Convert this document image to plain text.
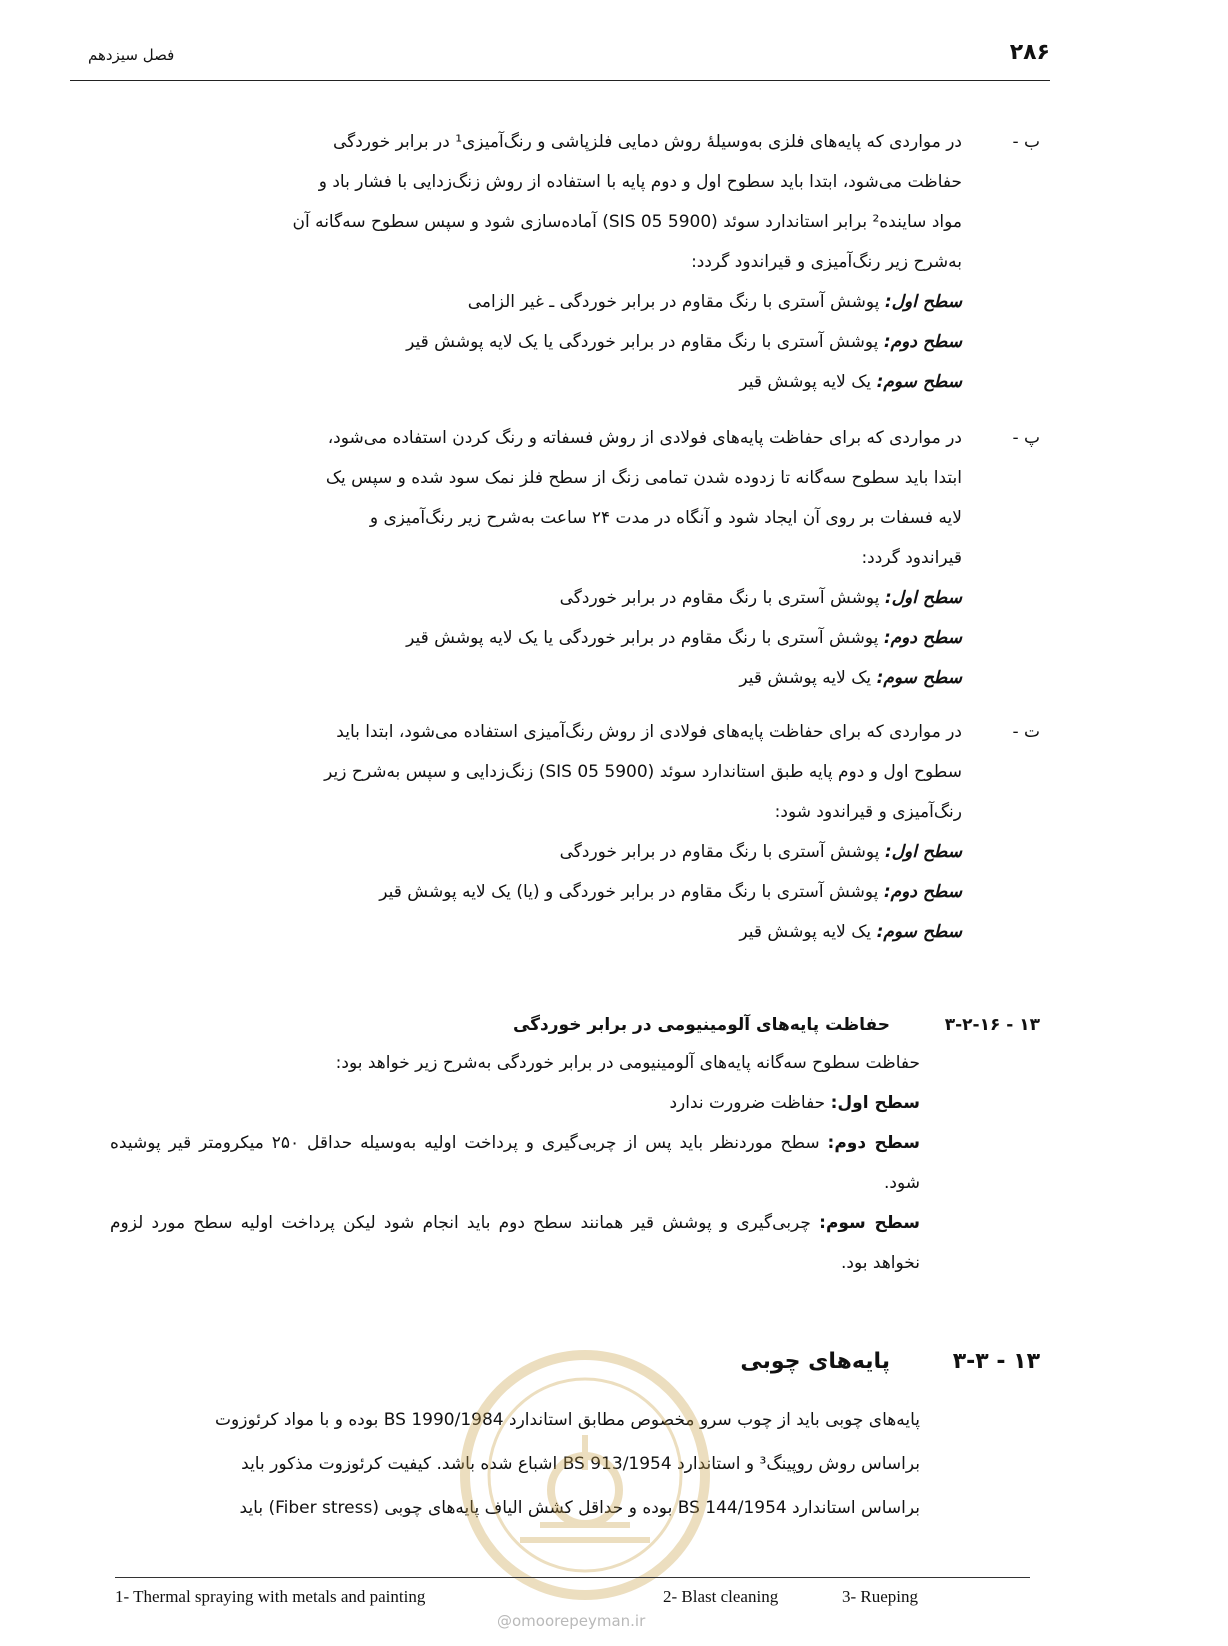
۲۸۶
فصل سیزدهم
ب -
در مواردی که پایه‌های فلزی به‌وسیلهٔ روش دمایی فلزپاشی و رنگ‌آمیزی¹ در برابر خوردگی
حفاظت می‌شود، ابتدا باید سطوح اول و دوم پایه با استفاده از روش زنگ‌زدایی با فشار باد و
مواد ساینده² برابر استاندارد سوئد (SIS 05 5900) آماده‌سازی شود و سپس سطوح سه‌گانه آن
به‌شرح زیر رنگ‌آمیزی و قیراندود گردد:
سطح اول: پوشش آستری با رنگ مقاوم در برابر خوردگی ـ غیر الزامی
سطح دوم: پوشش آستری با رنگ مقاوم در برابر خوردگی یا یک لایه پوشش قیر
سطح سوم: یک لایه پوشش قیر
پ -
در مواردی که برای حفاظت پایه‌های فولادی از روش فسفاته و رنگ کردن استفاده می‌شود،
ابتدا باید سطوح سه‌گانه تا زدوده شدن تمامی زنگ از سطح فلز نمک سود شده و سپس یک
لایه فسفات بر روی آن ایجاد شود و آنگاه در مدت ۲۴ ساعت به‌شرح زیر رنگ‌آمیزی و
قیراندود گردد:
سطح اول: پوشش آستری با رنگ مقاوم در برابر خوردگی
سطح دوم: پوشش آستری با رنگ مقاوم در برابر خوردگی یا یک لایه پوشش قیر
سطح سوم: یک لایه پوشش قیر
ت -
در مواردی که برای حفاظت پایه‌های فولادی از روش رنگ‌آمیزی استفاده می‌شود، ابتدا باید
سطوح اول و دوم پایه طبق استاندارد سوئد (SIS 05 5900) زنگ‌زدایی و سپس به‌شرح زیر
رنگ‌آمیزی و قیراندود شود:
سطح اول: پوشش آستری با رنگ مقاوم در برابر خوردگی
سطح دوم: پوشش آستری با رنگ مقاوم در برابر خوردگی و (یا) یک لایه پوشش قیر
سطح سوم: یک لایه پوشش قیر
۱۳ - ۳-۲-۱۶
حفاظت پایه‌های آلومینیومی در برابر خوردگی
حفاظت سطوح سه‌گانه پایه‌های آلومینیومی در برابر خوردگی به‌شرح زیر خواهد بود:
سطح اول: حفاظت ضرورت ندارد
سطح دوم: سطح موردنظر باید پس از چربی‌گیری و پرداخت اولیه به‌وسیله حداقل ۲۵۰ میکرومتر قیر پوشیده شود.
سطح سوم: چربی‌گیری و پوشش قیر همانند سطح دوم باید انجام شود لیکن پرداخت اولیه سطح مورد لزوم نخواهد بود.
۱۳ - ۳-۳
پایه‌های چوبی
پایه‌های چوبی باید از چوب سرو مخصوص مطابق استاندارد BS 1990/1984 بوده و با مواد کرئوزوت
براساس روش روپینگ³ و استاندارد BS 913/1954 اشباع شده باشد. کیفیت کرئوزوت مذکور باید
براساس استاندارد BS 144/1954 بوده و حداقل کشش الیاف پایه‌های چوبی (Fiber stress) باید
@omoorepeyman.ir
1- Thermal spraying with metals and painting	2- Blast cleaning	3- Rueping
